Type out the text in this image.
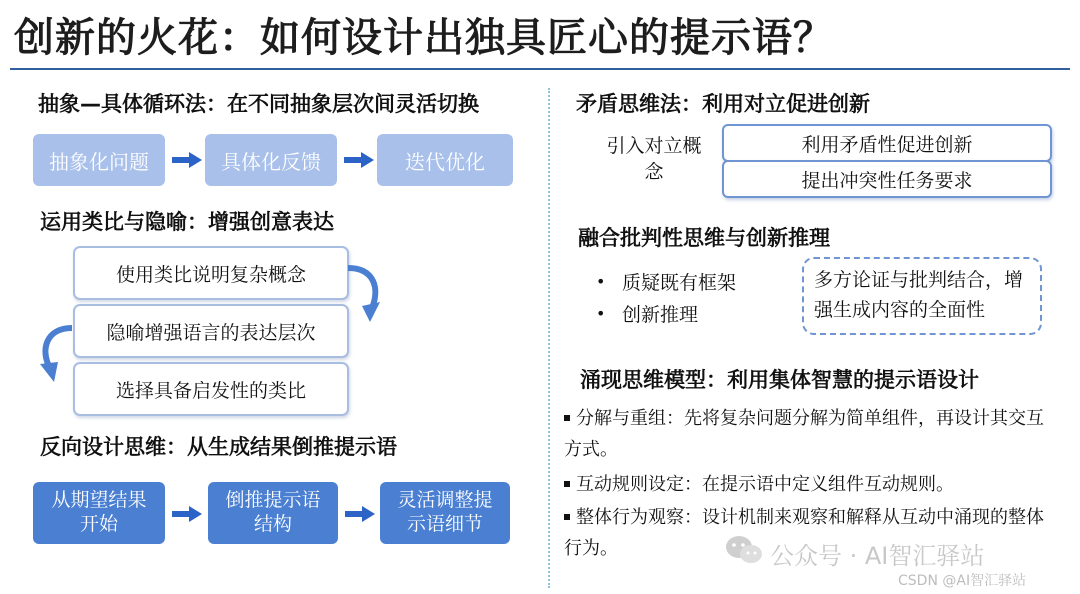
创新的火花：如何设计出独具匠心的提示语？
抽象—具体循环法：在不同抽象层次间灵活切换
抽象化问题	具体化反馈	迭代优化
运用类比与隐喻：增强创意表达
使用类比说明复杂概念
隐喻增强语言的表达层次
选择具备启发性的类比
反向设计思维：从生成结果倒推提示语
从期望结果开始
倒推提示语结构
灵活调整提示语细节
矛盾思维法：利用对立促进创新
引入对立概念
利用矛盾性促进创新
提出冲突性任务要求
融合批判性思维与创新推理
• 质疑既有框架
• 创新推理
多方论证与批判结合，增强生成内容的全面性
涌现思维模型：利用集体智慧的提示语设计
分解与重组：先将复杂问题分解为简单组件，再设计其交互方式。
互动规则设定：在提示语中定义组件互动规则。
整体行为观察：设计机制来观察和解释从互动中涌现的整体行为。	公众号 · AI智汇驿站
CSDN @AI智汇驿站
